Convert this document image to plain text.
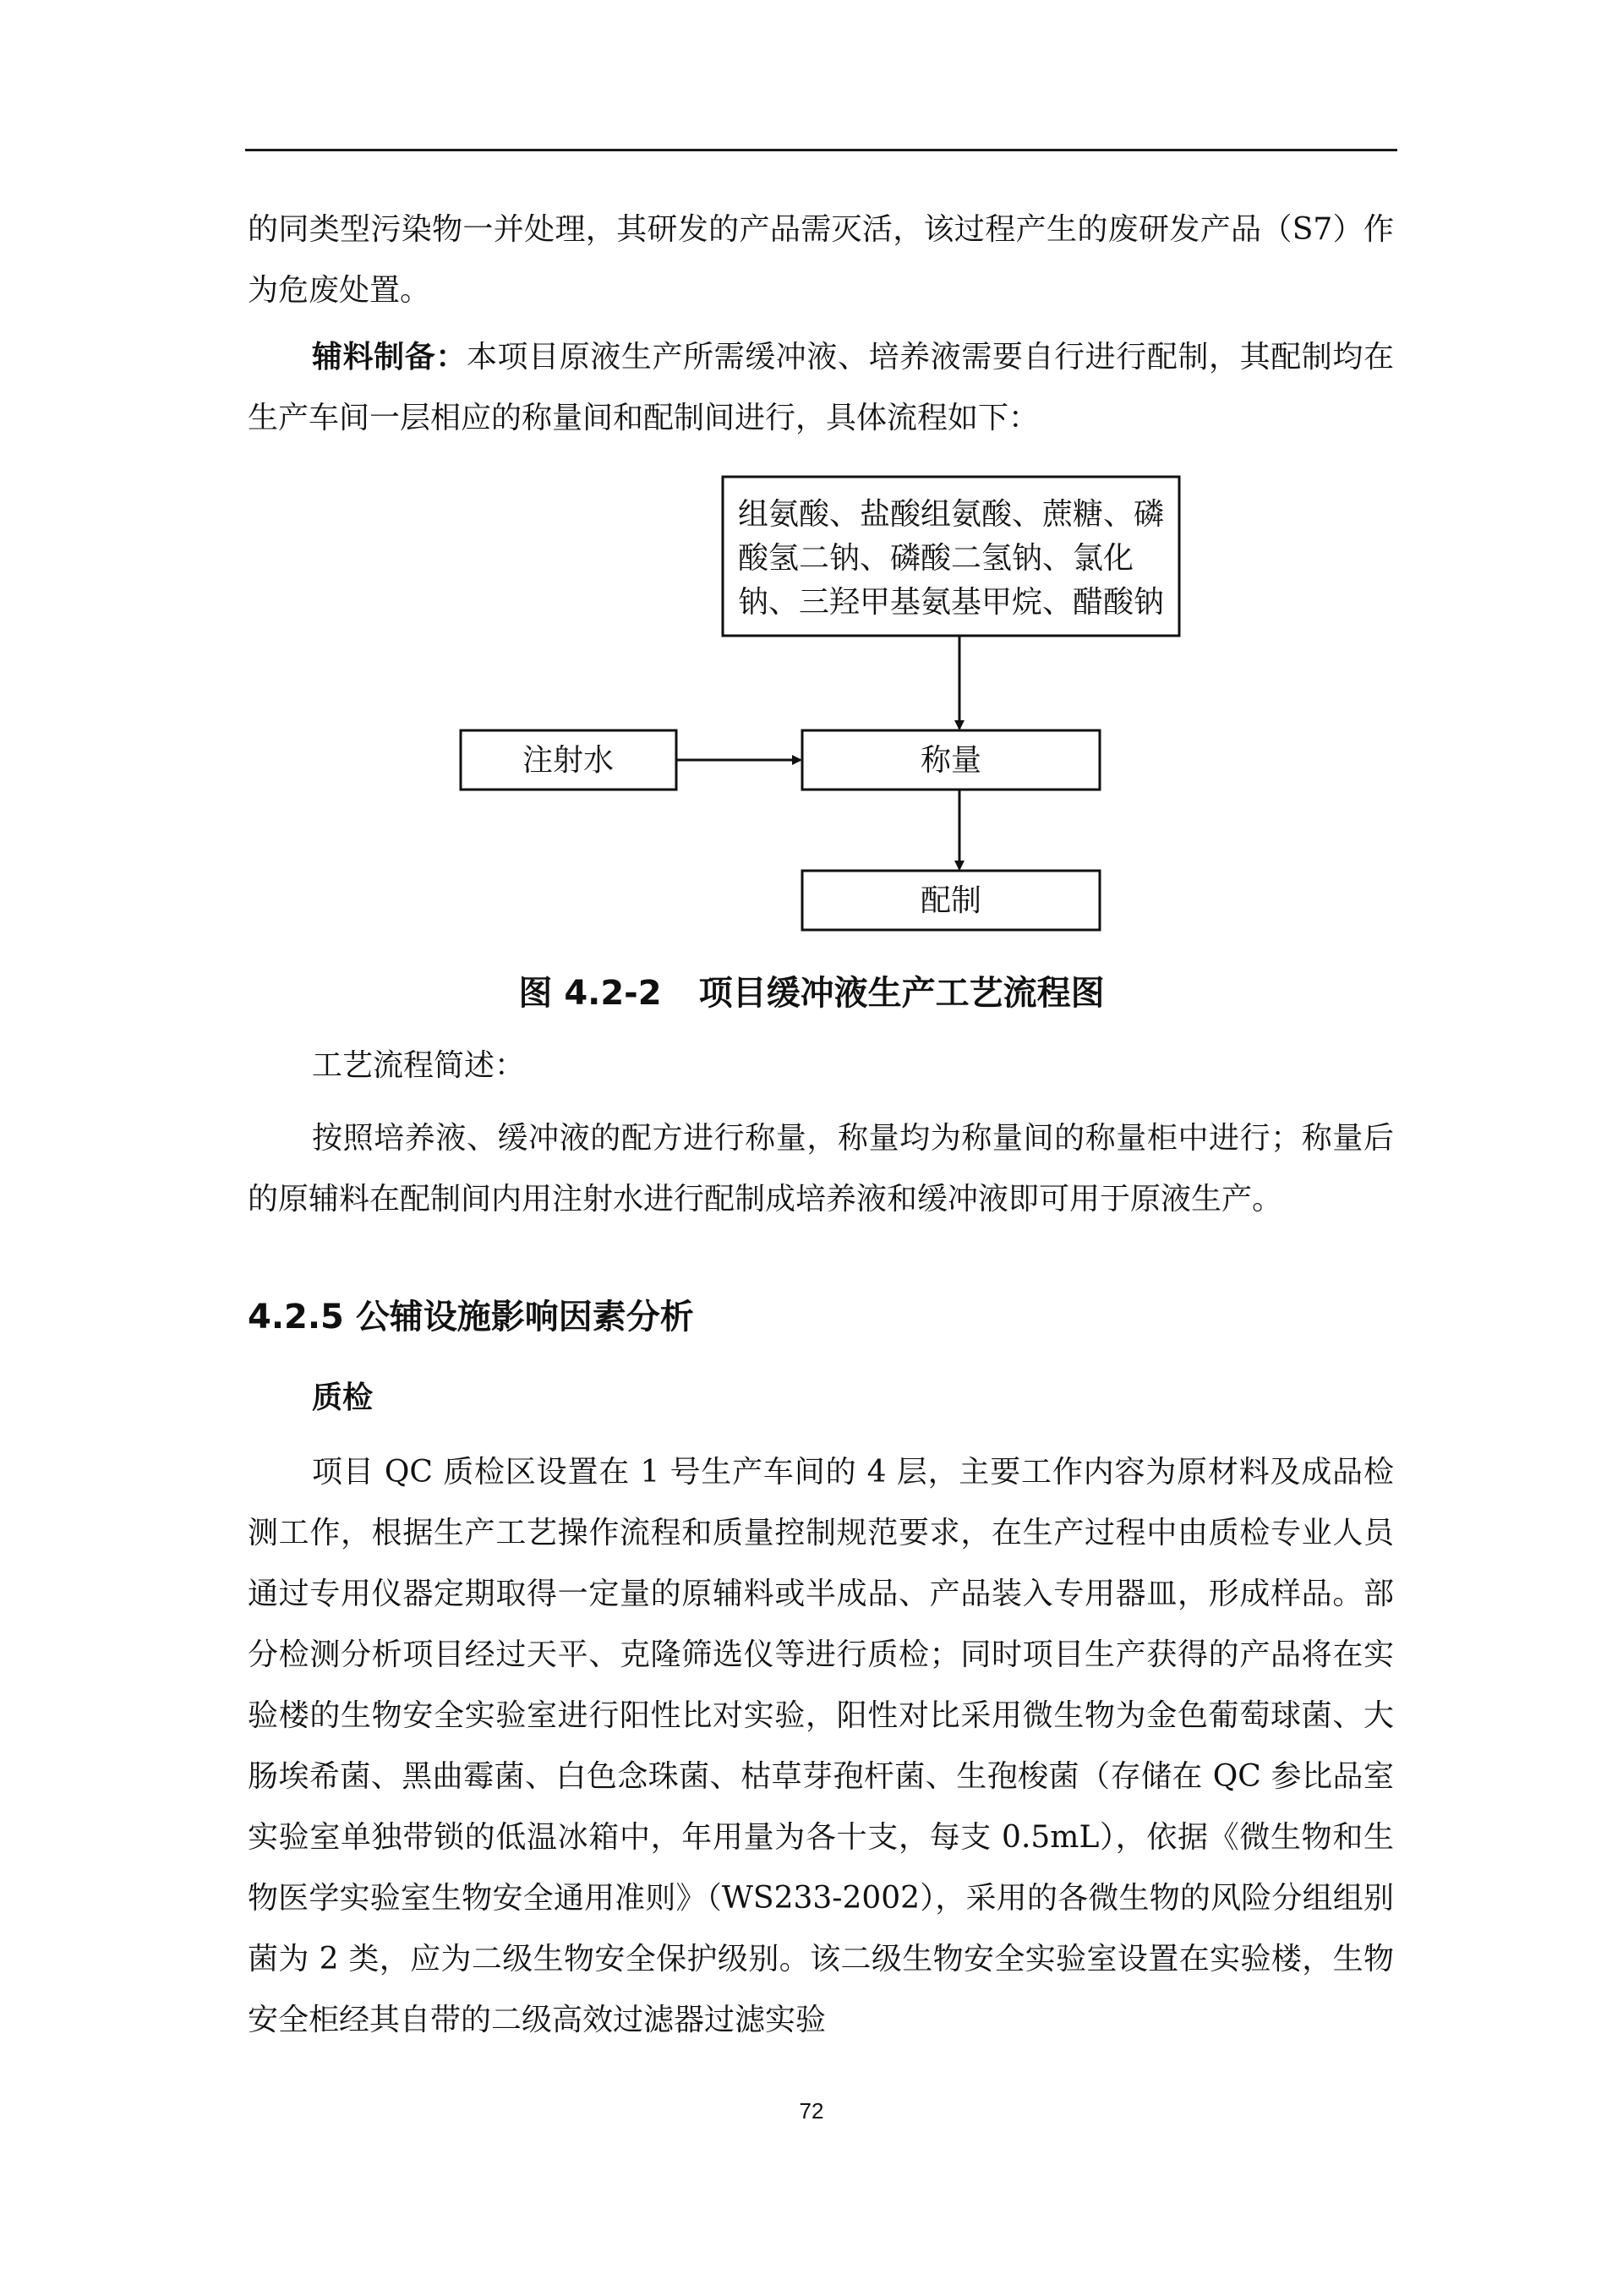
的同类型污染物一并处理，其研发的产品需灭活，该过程产生的废研发产品（S7）作为危废处置。

辅料制备：本项目原液生产所需缓冲液、培养液需要自行进行配制，其配制均在生产车间一层相应的称量间和配制间进行，具体流程如下：

组氨酸、盐酸组氨酸、蔗糖、磷
酸氢二钠、磷酸二氢钠、氯化
钠、三羟甲基氨基甲烷、醋酸钠
注射水	称量
配制

图 4.2-2 项目缓冲液生产工艺流程图

工艺流程简述：

按照培养液、缓冲液的配方进行称量，称量均为称量间的称量柜中进行；称量后的原辅料在配制间内用注射水进行配制成培养液和缓冲液即可用于原液生产。

4.2.5 公辅设施影响因素分析
质检

项目 QC 质检区设置在 1 号生产车间的 4 层，主要工作内容为原材料及成品检测工作，根据生产工艺操作流程和质量控制规范要求，在生产过程中由质检专业人员通过专用仪器定期取得一定量的原辅料或半成品、产品装入专用器皿，形成样品。部分检测分析项目经过天平、克隆筛选仪等进行质检；同时项目生产获得的产品将在实验楼的生物安全实验室进行阳性比对实验，阳性对比采用微生物为金色葡萄球菌、大肠埃希菌、黑曲霉菌、白色念珠菌、枯草芽孢杆菌、生孢梭菌（存储在 QC 参比品室实验室单独带锁的低温冰箱中，年用量为各十支，每支 0.5mL），依据《微生物和生物医学实验室生物安全通用准则》（WS233-2002），采用的各微生物的风险分组组别菌为 2 类，应为二级生物安全保护级别。该二级生物安全实验室设置在实验楼，生物安全柜经其自带的二级高效过滤器过滤实验

72
